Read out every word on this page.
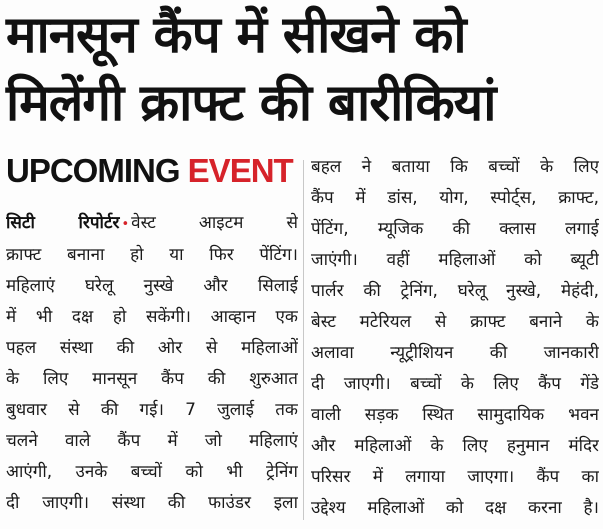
मानसून कैंप में सीखने को
मिलेंगी क्राफ्ट की बारीकियां
UPCOMING EVENT
सिटी रिपोर्टर • वेस्ट आइटम से
क्राफ्ट बनाना हो या फिर पेंटिंग।
महिलाएं घरेलू नुस्खे और सिलाई
में भी दक्ष हो सकेंगी। आव्हान एक
पहल संस्था की ओर से महिलाओं
के लिए मानसून कैंप की शुरुआत
बुधवार से की गई। 7 जुलाई तक
चलने वाले कैंप में जो महिलाएं
आएंगी, उनके बच्चों को भी ट्रेनिंग
दी जाएगी। संस्था की फाउंडर इला
बहल ने बताया कि बच्चों के लिए
कैंप में डांस, योग, स्पोर्ट्स, क्राफ्ट,
पेंटिंग, म्यूजिक की क्लास लगाई
जाएंगी। वहीं महिलाओं को ब्यूटी
पार्लर की ट्रेनिंग, घरेलू नुस्खे, मेहंदी,
बेस्ट मटेरियल से क्राफ्ट बनाने के
अलावा न्यूट्रीशियन की जानकारी
दी जाएगी। बच्चों के लिए कैंप गेंडे
वाली सड़क स्थित सामुदायिक भवन
और महिलाओं के लिए हनुमान मंदिर
परिसर में लगाया जाएगा। कैंप का
उद्देश्य महिलाओं को दक्ष करना है।
